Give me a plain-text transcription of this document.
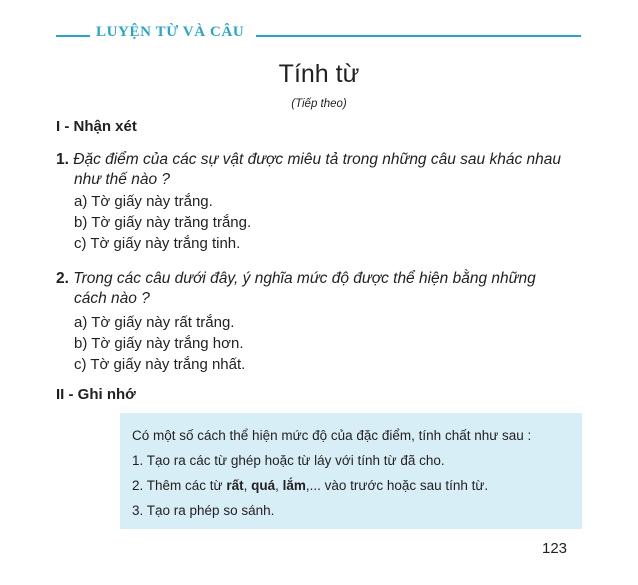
LUYỆN TỪ VÀ CÂU
Tính từ
(Tiếp theo)
I - Nhận xét
1. Đặc điểm của các sự vật được miêu tả trong những câu sau khác nhau
như thế nào ?
a) Tờ giấy này trắng.
b) Tờ giấy này trăng trắng.
c) Tờ giấy này trắng tinh.
2. Trong các câu dưới đây, ý nghĩa mức độ được thể hiện bằng những
cách nào ?
a) Tờ giấy này rất trắng.
b) Tờ giấy này trắng hơn.
c) Tờ giấy này trắng nhất.
II - Ghi nhớ
Có một số cách thể hiện mức độ của đặc điểm, tính chất như sau :
1. Tạo ra các từ ghép hoặc từ láy với tính từ đã cho.
2. Thêm các từ rất, quá, lắm,... vào trước hoặc sau tính từ.
3. Tạo ra phép so sánh.
123
